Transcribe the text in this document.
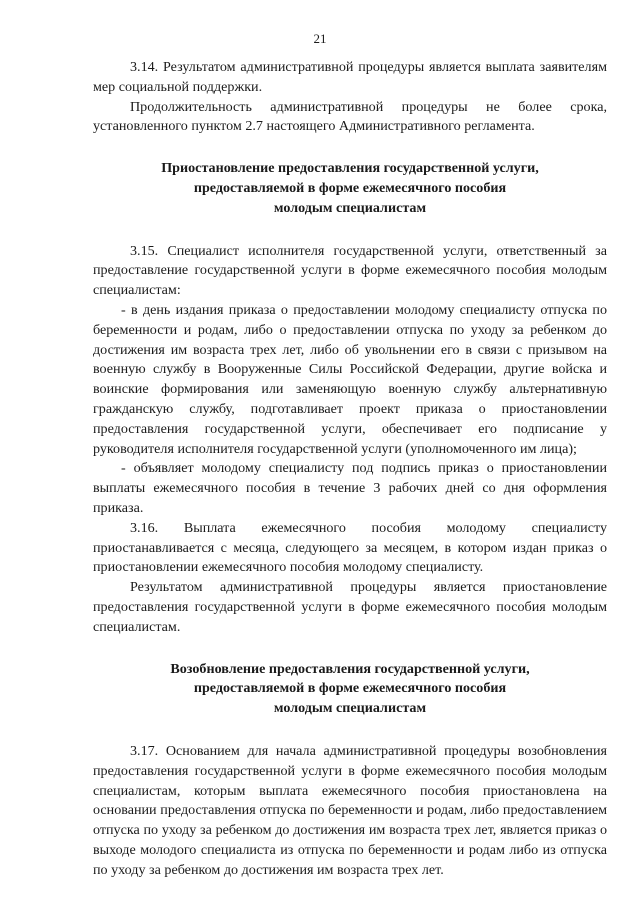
21

3.14. Результатом административной процедуры является выплата заявителям мер социальной поддержки.

Продолжительность административной процедуры не более срока, установленного пунктом 2.7 настоящего Административного регламента.

Приостановление предоставления государственной услуги,
предоставляемой в форме ежемесячного пособия
молодым специалистам

3.15. Специалист исполнителя государственной услуги, ответственный за предоставление государственной услуги в форме ежемесячного пособия молодым специалистам:

- в день издания приказа о предоставлении молодому специалисту отпуска по беременности и родам, либо о предоставлении отпуска по уходу за ребенком до достижения им возраста трех лет, либо об увольнении его в связи с призывом на военную службу в Вооруженные Силы Российской Федерации, другие войска и воинские формирования или заменяющую военную службу альтернативную гражданскую службу, подготавливает проект приказа о приостановлении предоставления государственной услуги, обеспечивает его подписание у руководителя исполнителя государственной услуги (уполномоченного им лица);

- объявляет молодому специалисту под подпись приказ о приостановлении выплаты ежемесячного пособия в течение 3 рабочих дней со дня оформления приказа.

3.16. Выплата ежемесячного пособия молодому специалисту приостанавливается с месяца, следующего за месяцем, в котором издан приказ о приостановлении ежемесячного пособия молодому специалисту.

Результатом административной процедуры является приостановление предоставления государственной услуги в форме ежемесячного пособия молодым специалистам.

Возобновление предоставления государственной услуги,
предоставляемой в форме ежемесячного пособия
молодым специалистам

3.17. Основанием для начала административной процедуры возобновления предоставления государственной услуги в форме ежемесячного пособия молодым специалистам, которым выплата ежемесячного пособия приостановлена на основании предоставления отпуска по беременности и родам, либо предоставлением отпуска по уходу за ребенком до достижения им возраста трех лет, является приказ о выходе молодого специалиста из отпуска по беременности и родам либо из отпуска по уходу за ребенком до достижения им возраста трех лет.
